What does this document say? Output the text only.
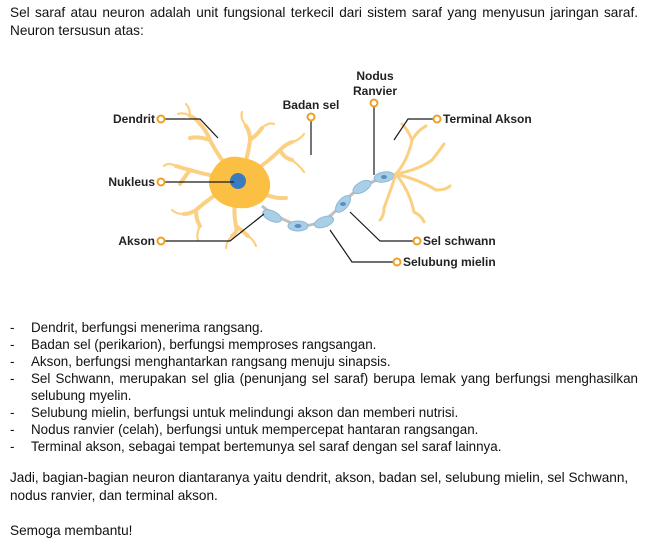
Sel saraf atau neuron adalah unit fungsional terkecil dari sistem saraf yang menyusun jaringan saraf. Neuron tersusun atas:

Dendrit
Nukleus
Akson
Badan sel
Nodus
Ranvier
Terminal Akson
Sel schwann
Selubung mielin
- Dendrit, berfungsi menerima rangsang.
- Badan sel (perikarion), berfungsi memproses rangsangan.
- Akson, berfungsi menghantarkan rangsang menuju sinapsis.
- Sel Schwann, merupakan sel glia (penunjang sel saraf) berupa lemak yang berfungsi menghasilkan selubung myelin.
- Selubung mielin, berfungsi untuk melindungi akson dan memberi nutrisi.
- Nodus ranvier (celah), berfungsi untuk mempercepat hantaran rangsangan.
- Terminal akson, sebagai tempat bertemunya sel saraf dengan sel saraf lainnya.

Jadi, bagian-bagian neuron diantaranya yaitu dendrit, akson, badan sel, selubung mielin, sel Schwann, nodus ranvier, dan terminal akson.

Semoga membantu!
